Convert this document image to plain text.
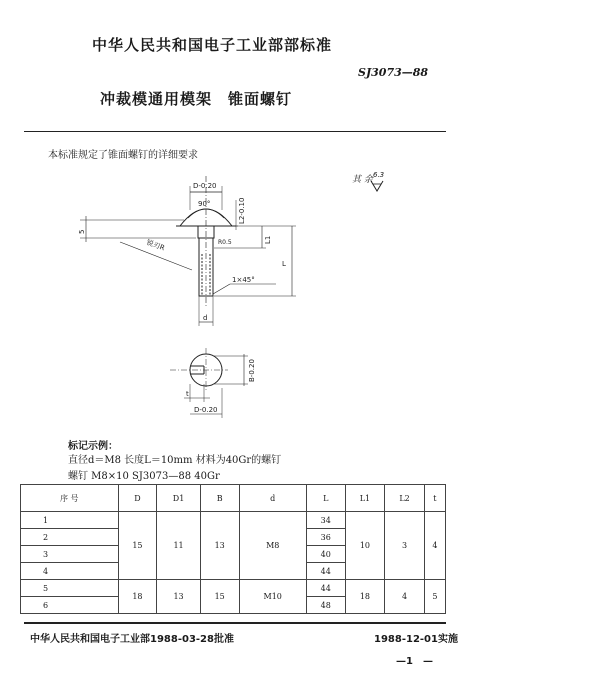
中华人民共和国电子工业部部标准
SJ3073—88
冲裁模通用模架　锥面螺钉
本标准规定了锥面螺钉的详细要求
其 余 6.3
D-0.20
90°	L2-0.10
R0.5	L1
L
5
锐刃R
1×45°
d
t
B-0.20
D-0.20
标记示例：
直径d＝M8 长度L＝10mm 材料为40Gr的螺钉
螺钉 M8×10 SJ3073—88 40Gr
序 号	D	D1	B	d	L	L1	L2	t
1	15	11	13	M8	34	10	3	4
2					36			
3					40			
4					44			
5	18	13	15	M10	44	18	4	5
6					48			
中华人民共和国电子工业部1988-03-28批准	1988-12-01实施
—1　—
